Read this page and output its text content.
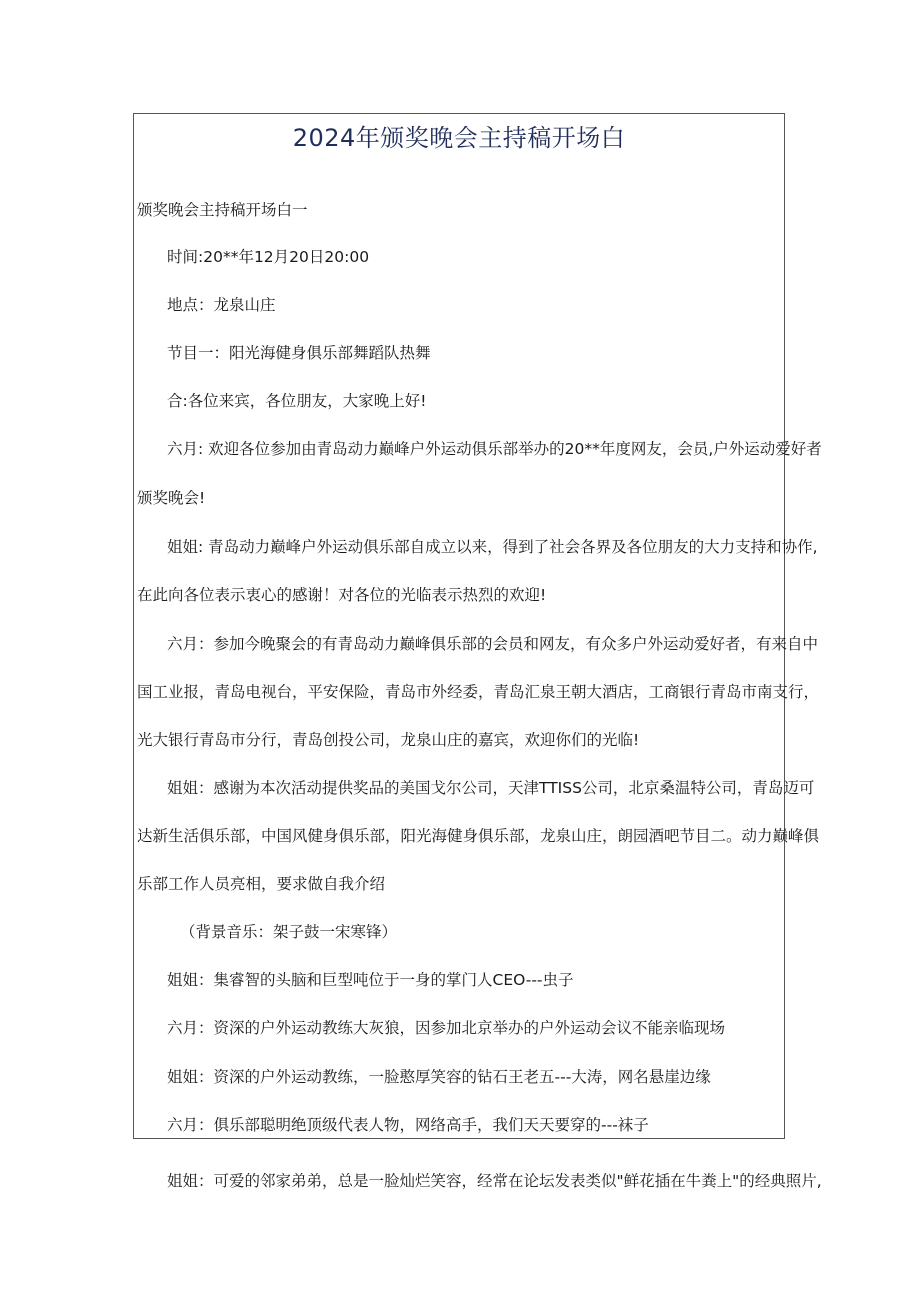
2024年颁奖晚会主持稿开场白
颁奖晚会主持稿开场白一
时间:20**年12月20日20:00
地点：龙泉山庄
节目一：阳光海健身俱乐部舞蹈队热舞
合:各位来宾，各位朋友，大家晚上好!
六月: 欢迎各位参加由青岛动力巅峰户外运动俱乐部举办的20**年度网友，会员,户外运动爱好者
颁奖晚会!
姐姐: 青岛动力巅峰户外运动俱乐部自成立以来，得到了社会各界及各位朋友的大力支持和协作,
在此向各位表示衷心的感谢！对各位的光临表示热烈的欢迎!
六月：参加今晚聚会的有青岛动力巅峰俱乐部的会员和网友，有众多户外运动爱好者，有来自中
国工业报，青岛电视台，平安保险，青岛市外经委，青岛汇泉王朝大酒店，工商银行青岛市南支行，
光大银行青岛市分行，青岛创投公司，龙泉山庄的嘉宾，欢迎你们的光临!
姐姐：感谢为本次活动提供奖品的美国戈尔公司，天津TTISS公司，北京桑温特公司，青岛迈可
达新生活俱乐部，中国风健身俱乐部，阳光海健身俱乐部，龙泉山庄，朗园酒吧节目二。动力巅峰俱
乐部工作人员亮相，要求做自我介绍
（背景音乐：架子鼓一宋寒锋）
姐姐：集睿智的头脑和巨型吨位于一身的掌门人CEO---虫子
六月：资深的户外运动教练大灰狼，因参加北京举办的户外运动会议不能亲临现场
姐姐：资深的户外运动教练，一脸憨厚笑容的钻石王老五---大涛，网名悬崖边缘
六月：俱乐部聪明绝顶级代表人物，网络高手，我们天天要穿的---袜子
姐姐：可爱的邻家弟弟，总是一脸灿烂笑容，经常在论坛发表类似"鲜花插在牛粪上"的经典照片,
